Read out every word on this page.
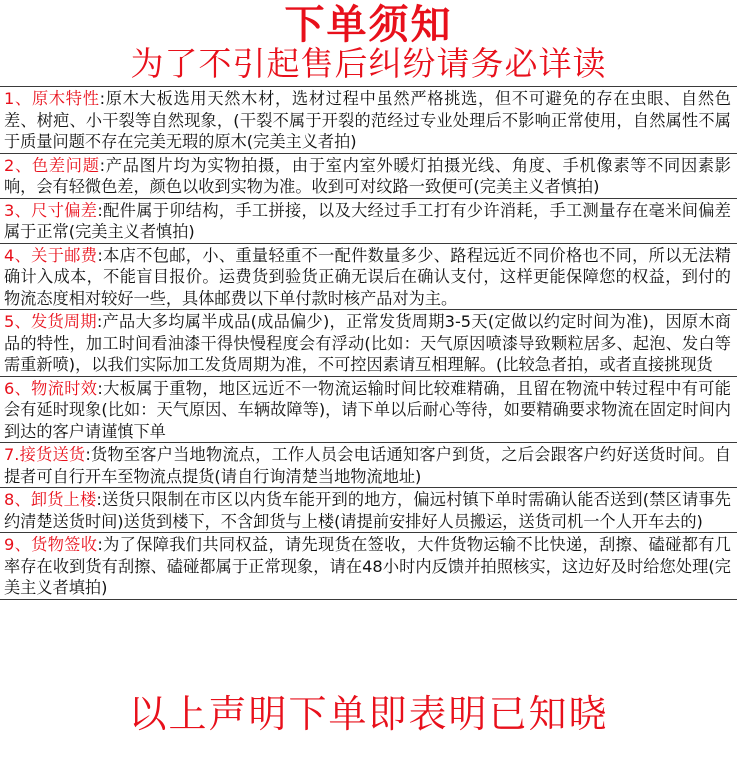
下单须知
为了不引起售后纠纷请务必详读
1、原木特性:原木大板选用天然木材，选材过程中虽然严格挑选，但不可避免的存在虫眼、自然色差、树疤、小干裂等自然现象，(干裂不属于开裂的范经过专业处理后不影响正常使用，自然属性不属于质量问题不存在完美无瑕的原木(完美主义者拍)
2、色差问题:产品图片均为实物拍摄，由于室内室外暖灯拍摄光线、角度、手机像素等不同因素影响，会有轻微色差，颜色以收到实物为准。收到可对纹路一致便可(完美主义者慎拍)
3、尺寸偏差:配件属于卯结构，手工拼接，以及大经过手工打有少许消耗，手工测量存在毫米间偏差属于正常(完美主义者慎拍)
4、关于邮费:本店不包邮，小、重量轻重不一配件数量多少、路程远近不同价格也不同，所以无法精确计入成本，不能盲目报价。运费货到验货正确无误后在确认支付，这样更能保障您的权益，到付的物流态度相对较好一些，具体邮费以下单付款时核产品对为主。
5、发货周期:产品大多均属半成品(成品偏少)，正常发货周期3-5天(定做以约定时间为准)，因原木商品的特性，加工时间看油漆干得快慢程度会有浮动(比如：天气原因喷漆导致颗粒居多、起泡、发白等需重新喷)，以我们实际加工发货周期为准，不可控因素请互相理解。(比较急者拍，或者直接挑现货
6、物流时效:大板属于重物，地区远近不一物流运输时间比较难精确，且留在物流中转过程中有可能会有延时现象(比如：天气原因、车辆故障等)，请下单以后耐心等待，如要精确要求物流在固定时间内到达的客户请谨慎下单
7.接货送货:货物至客户当地物流点，工作人员会电话通知客户到货，之后会跟客户约好送货时间。自提者可自行开车至物流点提货(请自行询清楚当地物流地址)
8、卸货上楼:送货只限制在市区以内货车能开到的地方，偏远村镇下单时需确认能否送到(禁区请事先约清楚送货时间)送货到楼下，不含卸货与上楼(请提前安排好人员搬运，送货司机一个人开车去的)
9、货物签收:为了保障我们共同权益，请先现货在签收，大件货物运输不比快递，刮擦、磕碰都有几率存在收到货有刮擦、磕碰都属于正常现象，请在48小时内反馈并拍照核实，这边好及时给您处理(完美主义者填拍)
以上声明下单即表明已知晓
